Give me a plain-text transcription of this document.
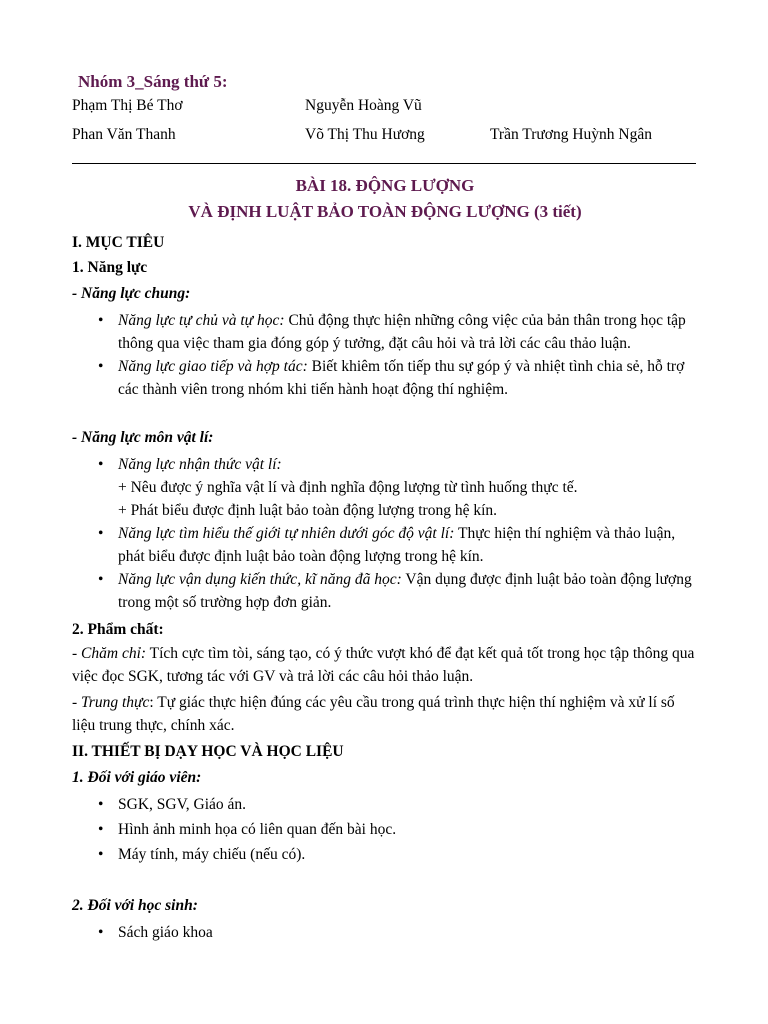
Nhóm 3_Sáng thứ 5:
Phạm Thị Bé Thơ	Nguyễn Hoàng Vũ
Phan Văn Thanh	Võ Thị Thu Hương	Trần Trương Huỳnh Ngân
BÀI 18. ĐỘNG LƯỢNG
VÀ ĐỊNH LUẬT BẢO TOÀN ĐỘNG LƯỢNG (3 tiết)
I. MỤC TIÊU
1. Năng lực
- Năng lực chung:
• Năng lực tự chủ và tự học: Chủ động thực hiện những công việc của bản thân trong học tập thông qua việc tham gia đóng góp ý tưởng, đặt câu hỏi và trả lời các câu thảo luận.
• Năng lực giao tiếp và hợp tác: Biết khiêm tốn tiếp thu sự góp ý và nhiệt tình chia sẻ, hỗ trợ các thành viên trong nhóm khi tiến hành hoạt động thí nghiệm.
- Năng lực môn vật lí:
• Năng lực nhận thức vật lí:
+ Nêu được ý nghĩa vật lí và định nghĩa động lượng từ tình huống thực tế.
+ Phát biểu được định luật bảo toàn động lượng trong hệ kín.
• Năng lực tìm hiểu thế giới tự nhiên dưới góc độ vật lí: Thực hiện thí nghiệm và thảo luận, phát biểu được định luật bảo toàn động lượng trong hệ kín.
• Năng lực vận dụng kiến thức, kĩ năng đã học: Vận dụng được định luật bảo toàn động lượng trong một số trường hợp đơn giản.
2. Phẩm chất:
- Chăm chỉ: Tích cực tìm tòi, sáng tạo, có ý thức vượt khó để đạt kết quả tốt trong học tập thông qua việc đọc SGK, tương tác với GV và trả lời các câu hỏi thảo luận.
- Trung thực: Tự giác thực hiện đúng các yêu cầu trong quá trình thực hiện thí nghiệm và xử lí số liệu trung thực, chính xác.
II. THIẾT BỊ DẠY HỌC VÀ HỌC LIỆU
1. Đối với giáo viên:
• SGK, SGV, Giáo án.
• Hình ảnh minh họa có liên quan đến bài học.
• Máy tính, máy chiếu (nếu có).
2. Đối với học sinh:
• Sách giáo khoa
